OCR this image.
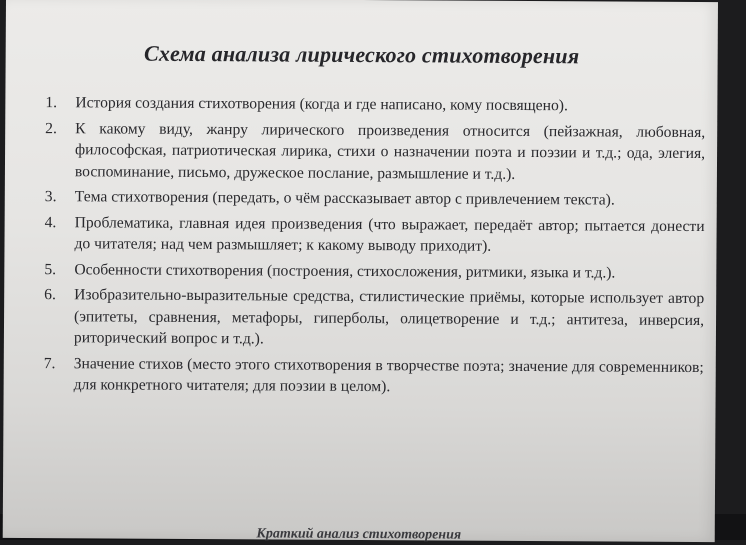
Схема анализа лирического стихотворения
1.	История создания стихотворения (когда и где написано, кому посвящено).
2.	К какому виду, жанру лирического произведения относится (пейзажная, любовная, философская, патриотическая лирика, стихи о назначении поэта и поэзии и т.д.; ода, элегия, воспоминание, письмо, дружеское послание, размышление и т.д.).
3.	Тема стихотворения (передать, о чём рассказывает автор с привлечением текста).
4.	Проблематика, главная идея произведения (что выражает, передаёт автор; пытается донести до читателя; над чем размышляет; к какому выводу приходит).
5.	Особенности стихотворения (построения, стихосложения, ритмики, языка и т.д.).
6.	Изобразительно-выразительные средства, стилистические приёмы, которые использует автор (эпитеты, сравнения, метафоры, гиперболы, олицетворение и т.д.; антитеза, инверсия, риторический вопрос и т.д.).
7.	Значение стихов (место этого стихотворения в творчестве поэта; значение для современников; для конкретного читателя; для поэзии в целом).
Краткий анализ стихотворения
